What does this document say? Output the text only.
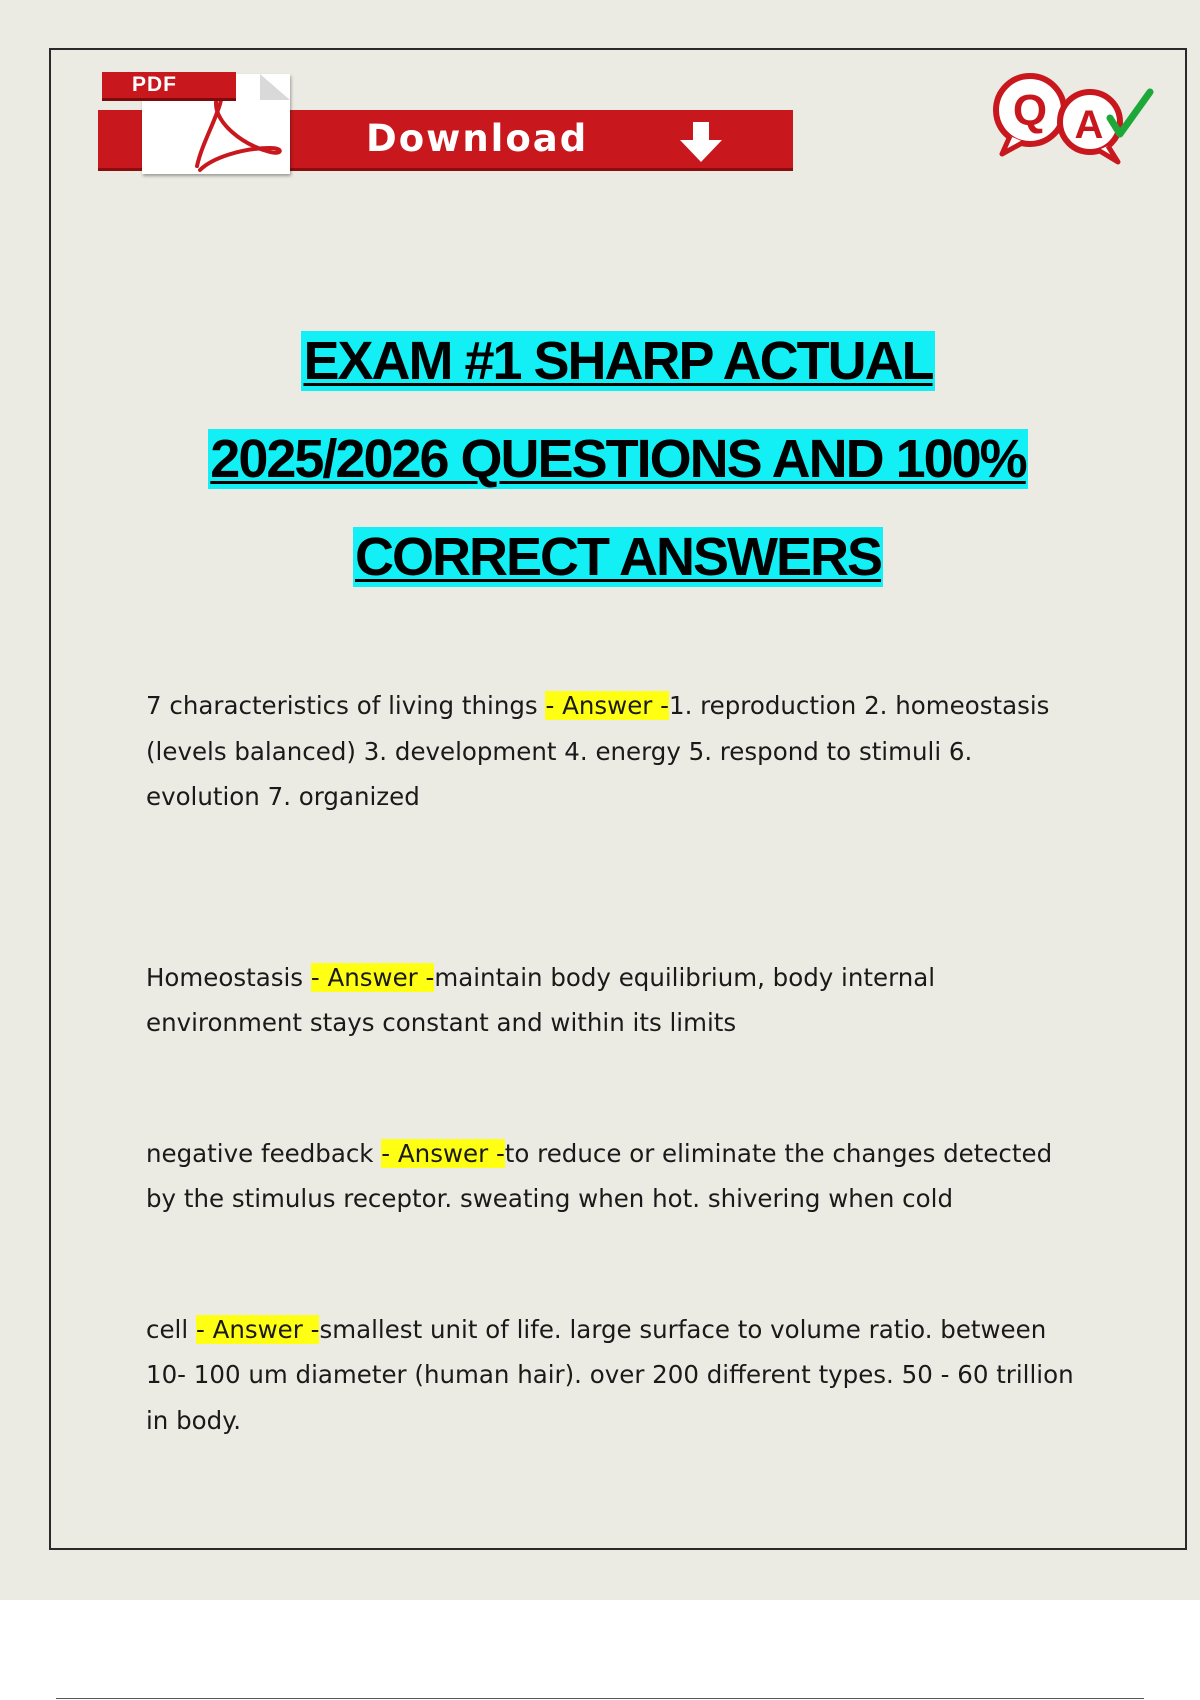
PDF
Download
Q A
EXAM #1 SHARP ACTUAL
2025/2026 QUESTIONS AND 100%
CORRECT ANSWERS

7 characteristics of living things - Answer -1. reproduction 2. homeostasis (levels balanced) 3. development 4. energy 5. respond to stimuli 6. evolution 7. organized

Homeostasis - Answer -maintain body equilibrium, body internal environment stays constant and within its limits

negative feedback - Answer -to reduce or eliminate the changes detected by the stimulus receptor. sweating when hot. shivering when cold

cell - Answer -smallest unit of life. large surface to volume ratio. between 10- 100 um diameter (human hair). over 200 different types. 50 - 60 trillion in body.
